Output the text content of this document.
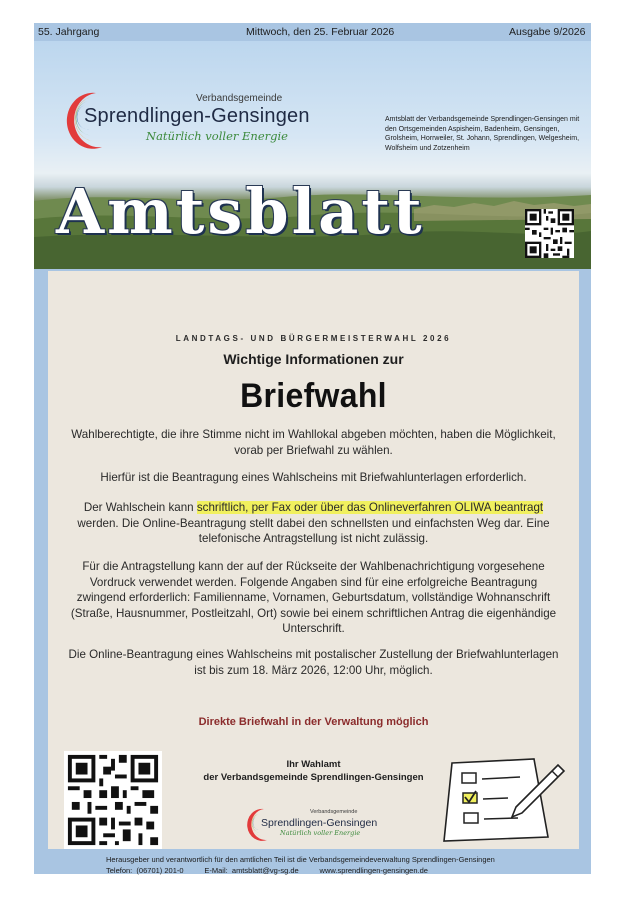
55. Jahrgang	Mittwoch, den 25. Februar 2026	Ausgabe 9/2026
Verbandsgemeinde
Sprendlingen-Gensingen
Natürlich voller Energie
Amtsblatt der Verbandsgemeinde Sprendlingen-Gensingen mit den Ortsgemeinden Aspisheim, Badenheim, Gensingen, Grolsheim, Horrweiler, St. Johann, Sprendlingen, Welgesheim, Wolfsheim und Zotzenheim
Amtsblatt
LANDTAGS- UND BÜRGERMEISTERWAHL 2026
Wichtige Informationen zur
Briefwahl
Wahlberechtigte, die ihre Stimme nicht im Wahllokal abgeben möchten, haben die Möglichkeit, vorab per Briefwahl zu wählen.
Hierfür ist die Beantragung eines Wahlscheins mit Briefwahlunterlagen erforderlich.
Der Wahlschein kann schriftlich, per Fax oder über das Onlineverfahren OLIWA beantragt werden. Die Online-Beantragung stellt dabei den schnellsten und einfachsten Weg dar. Eine telefonische Antragstellung ist nicht zulässig.
Für die Antragstellung kann der auf der Rückseite der Wahlbenachrichtigung vorgesehene Vordruck verwendet werden. Folgende Angaben sind für eine erfolgreiche Beantragung zwingend erforderlich: Familienname, Vornamen, Geburtsdatum, vollständige Wohnanschrift (Straße, Hausnummer, Postleitzahl, Ort) sowie bei einem schriftlichen Antrag die eigenhändige Unterschrift.
Die Online-Beantragung eines Wahlscheins mit postalischer Zustellung der Briefwahlunterlagen ist bis zum 18. März 2026, 12:00 Uhr, möglich.
Direkte Briefwahl in der Verwaltung möglich
Ihr Wahlamt
der Verbandsgemeinde Sprendlingen-Gensingen
Verbandsgemeinde
Sprendlingen-Gensingen
Natürlich voller Energie
Herausgeber und verantwortlich für den amtlichen Teil ist die Verbandsgemeindeverwaltung Sprendlingen-Gensingen
Telefon:  (06701) 201-0          E-Mail:  amtsblatt@vg-sg.de          www.sprendlingen-gensingen.de
